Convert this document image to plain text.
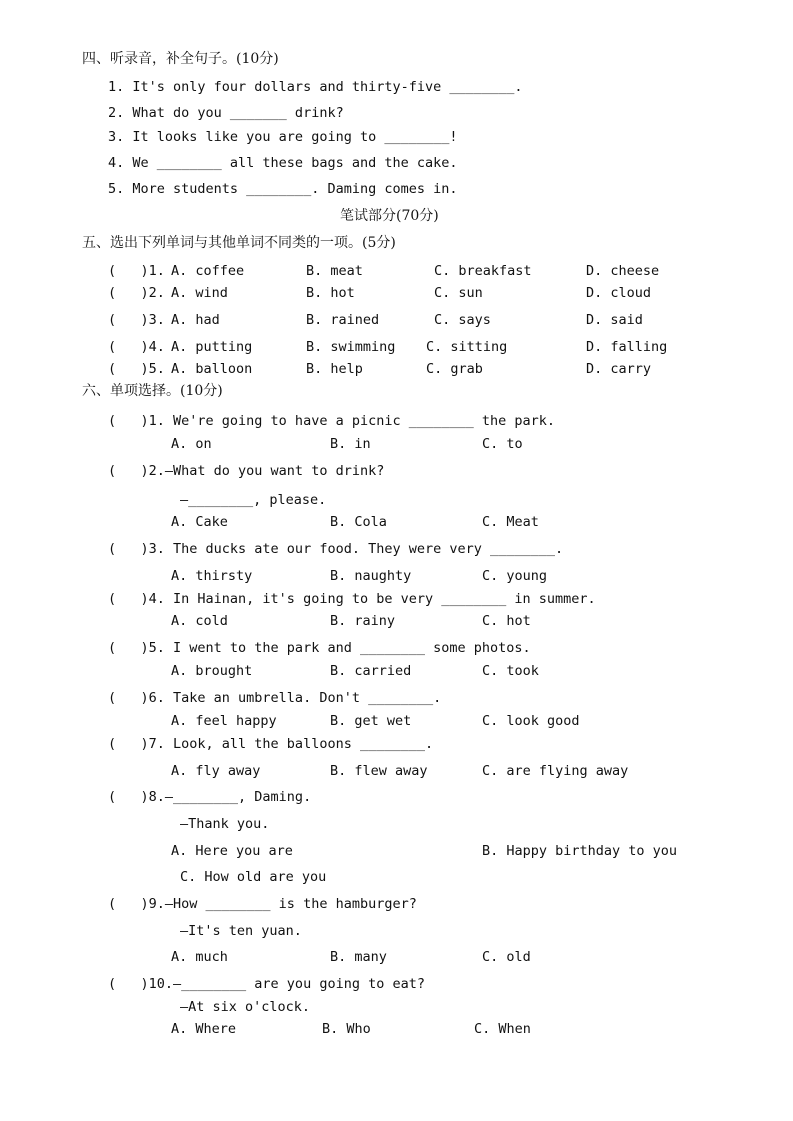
四、听录音，补全句子。(10分)
1. It's only four dollars and thirty-five ________.
2. What do you _______ drink?
3. It looks like you are going to ________!
4. We ________ all these bags and the cake.
5. More students ________. Daming comes in.
笔试部分(70分)
五、选出下列单词与其他单词不同类的一项。(5分)
(   )1. A. coffee	B. meat	C. breakfast	D. cheese
(   )2. A. wind	B. hot	C. sun	D. cloud
(   )3. A. had	B. rained	C. says	D. said
(   )4. A. putting	B. swimming C. sitting	D. falling
(   )5. A. balloon	B. help	C. grab	D. carry
六、单项选择。(10分)
(   )1. We're going to have a picnic ________ the park.
A. on	B. in	C. to
(   )2.—What do you want to drink?
—________, please.
A. Cake	B. Cola	C. Meat
(   )3. The ducks ate our food. They were very ________.
A. thirsty	B. naughty	C. young
(   )4. In Hainan, it's going to be very ________ in summer.
A. cold	B. rainy	C. hot
(   )5. I went to the park and ________ some photos.
A. brought	B. carried	C. took
(   )6. Take an umbrella. Don't ________.
A. feel happy	B. get wet	C. look good
(   )7. Look, all the balloons ________.
A. fly away	B. flew away	C. are flying away
(   )8.—________, Daming.
—Thank you.
A. Here you are	B. Happy birthday to you
C. How old are you
(   )9.—How ________ is the hamburger?
—It's ten yuan.
A. much	B. many	C. old
(   )10.—________ are you going to eat?
—At six o'clock.
A. Where	B. Who	C. When
